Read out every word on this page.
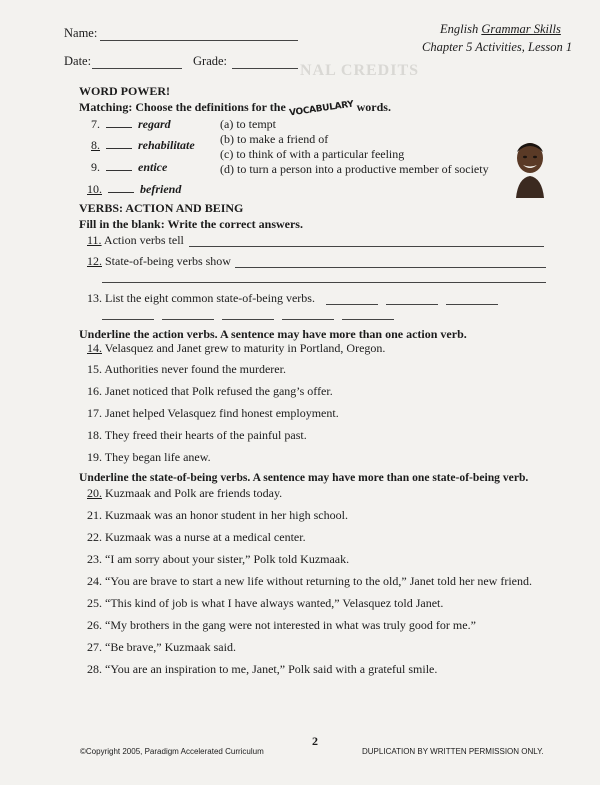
NAL CREDITS
Name:
Date:	Grade:
English Grammar Skills
Chapter 5 Activities, Lesson 1
WORD POWER!
Matching: Choose the definitions for the VOCABULARY words.
7.	regard
8.	rehabilitate
9.	entice
10.	befriend
(a) to tempt
(b) to make a friend of
(c) to think of with a particular feeling
(d) to turn a person into a productive member of society
VERBS: ACTION AND BEING
Fill in the blank: Write the correct answers.
11. Action verbs tell
12. State-of-being verbs show
13. List the eight common state-of-being verbs.
Underline the action verbs. A sentence may have more than one action verb.
14. Velasquez and Janet grew to maturity in Portland, Oregon.
15. Authorities never found the murderer.
16. Janet noticed that Polk refused the gang’s offer.
17. Janet helped Velasquez find honest employment.
18. They freed their hearts of the painful past.
19. They began life anew.
Underline the state-of-being verbs. A sentence may have more than one state-of-being verb.
20. Kuzmaak and Polk are friends today.
21. Kuzmaak was an honor student in her high school.
22. Kuzmaak was a nurse at a medical center.
23. “I am sorry about your sister,” Polk told Kuzmaak.
24. “You are brave to start a new life without returning to the old,” Janet told her new friend.
25. “This kind of job is what I have always wanted,” Velasquez told Janet.
26. “My brothers in the gang were not interested in what was truly good for me.”
27. “Be brave,” Kuzmaak said.
28. “You are an inspiration to me, Janet,” Polk said with a grateful smile.
2
©Copyright 2005, Paradigm Accelerated Curriculum	DUPLICATION BY WRITTEN PERMISSION ONLY.
